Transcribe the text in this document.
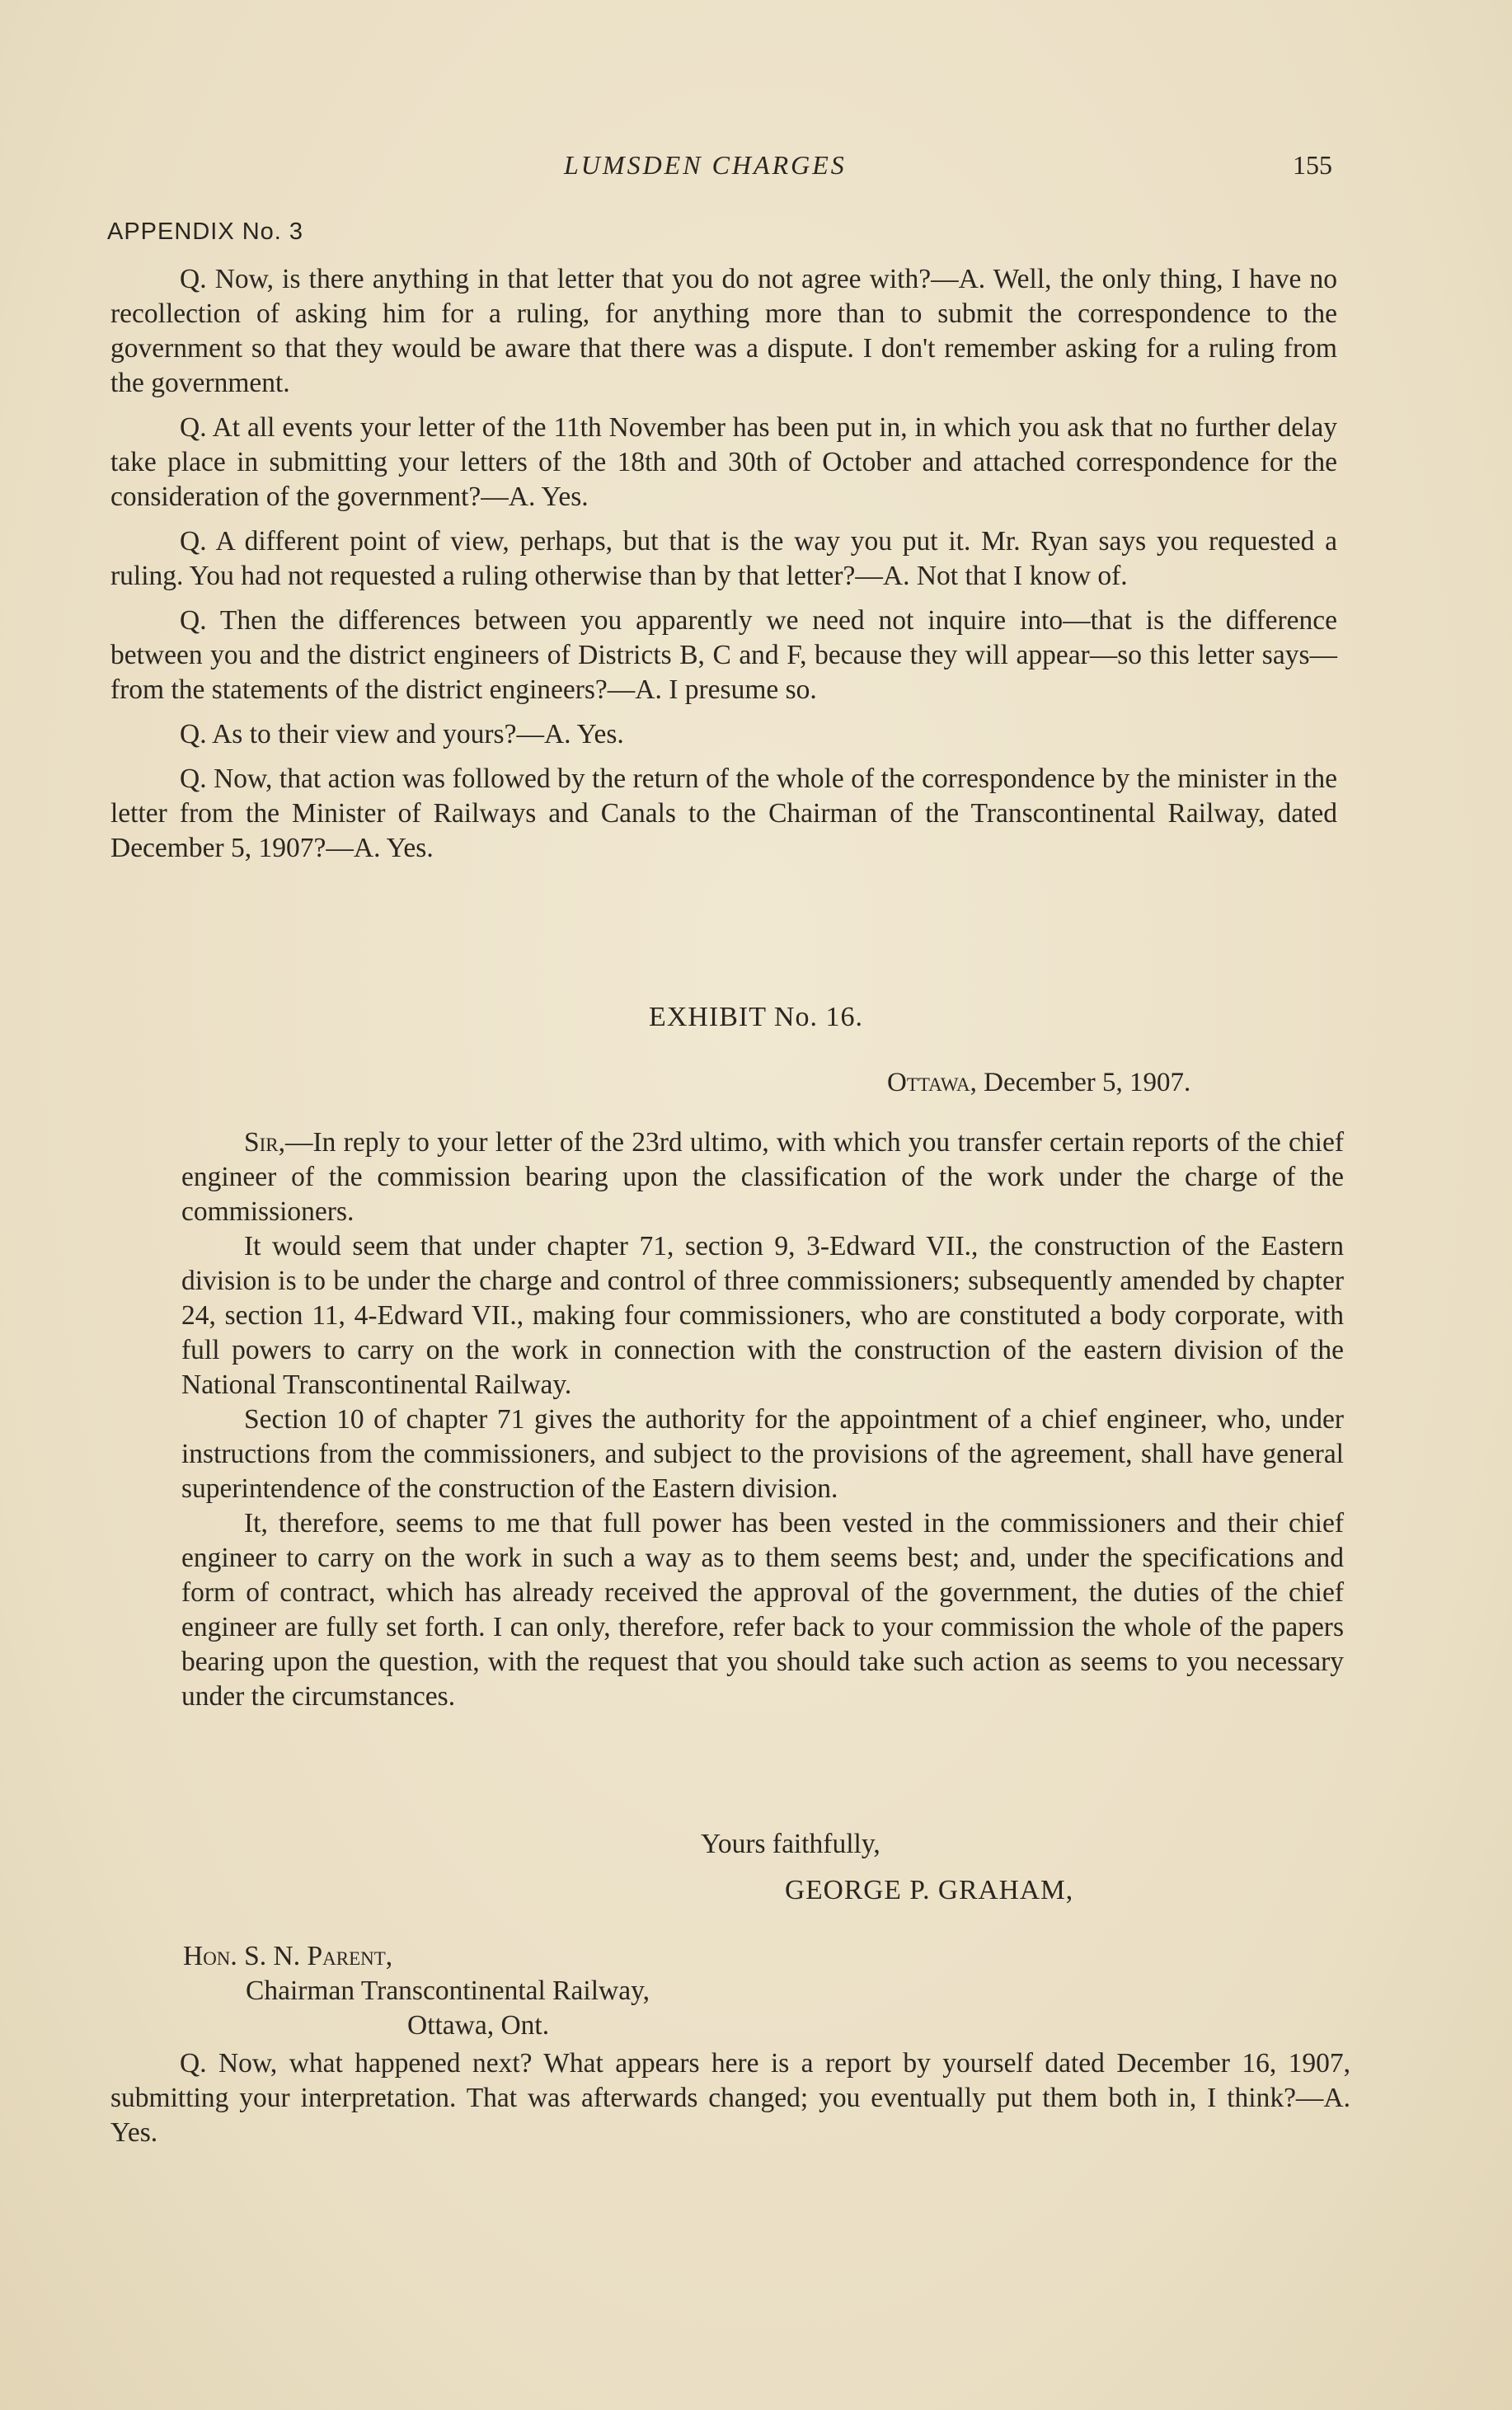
LUMSDEN CHARGES	155
APPENDIX No. 3

Q. Now, is there anything in that letter that you do not agree with?—A. Well, the only thing, I have no recollection of asking him for a ruling, for anything more than to submit the correspondence to the government so that they would be aware that there was a dispute. I don't remember asking for a ruling from the government.

Q. At all events your letter of the 11th November has been put in, in which you ask that no further delay take place in submitting your letters of the 18th and 30th of October and attached correspondence for the consideration of the government?—A. Yes.

Q. A different point of view, perhaps, but that is the way you put it. Mr. Ryan says you requested a ruling. You had not requested a ruling otherwise than by that letter?—A. Not that I know of.

Q. Then the differences between you apparently we need not inquire into—that is the difference between you and the district engineers of Districts B, C and F, because they will appear—so this letter says—from the statements of the district engineers?—A. I presume so.

Q. As to their view and yours?—A. Yes.

Q. Now, that action was followed by the return of the whole of the correspondence by the minister in the letter from the Minister of Railways and Canals to the Chairman of the Transcontinental Railway, dated December 5, 1907?—A. Yes.

EXHIBIT No. 16.
Ottawa, December 5, 1907.

Sir,—In reply to your letter of the 23rd ultimo, with which you transfer certain reports of the chief engineer of the commission bearing upon the classification of the work under the charge of the commissioners.

It would seem that under chapter 71, section 9, 3-Edward VII., the construction of the Eastern division is to be under the charge and control of three commissioners; subsequently amended by chapter 24, section 11, 4-Edward VII., making four commissioners, who are constituted a body corporate, with full powers to carry on the work in connection with the construction of the eastern division of the National Transcontinental Railway.

Section 10 of chapter 71 gives the authority for the appointment of a chief engineer, who, under instructions from the commissioners, and subject to the provisions of the agreement, shall have general superintendence of the construction of the Eastern division.

It, therefore, seems to me that full power has been vested in the commissioners and their chief engineer to carry on the work in such a way as to them seems best; and, under the specifications and form of contract, which has already received the approval of the government, the duties of the chief engineer are fully set forth. I can only, therefore, refer back to your commission the whole of the papers bearing upon the question, with the request that you should take such action as seems to you necessary under the circumstances.

Yours faithfully,
GEORGE P. GRAHAM,
Hon. S. N. Parent,
Chairman Transcontinental Railway,
Ottawa, Ont.

Q. Now, what happened next? What appears here is a report by yourself dated December 16, 1907, submitting your interpretation. That was afterwards changed; you eventually put them both in, I think?—A. Yes.
